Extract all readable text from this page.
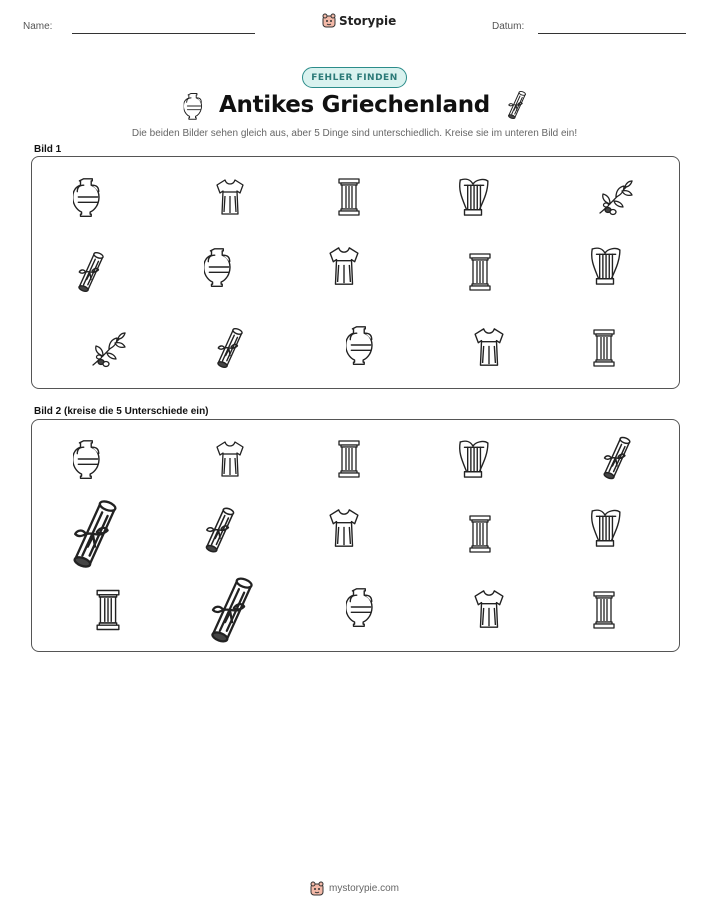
Name:	Storypie	Datum:
FEHLER FINDEN
Antikes Griechenland
Die beiden Bilder sehen gleich aus, aber 5 Dinge sind unterschiedlich. Kreise sie im unteren Bild ein!
Bild 1
Bild 2 (kreise die 5 Unterschiede ein)
mystorypie.com
